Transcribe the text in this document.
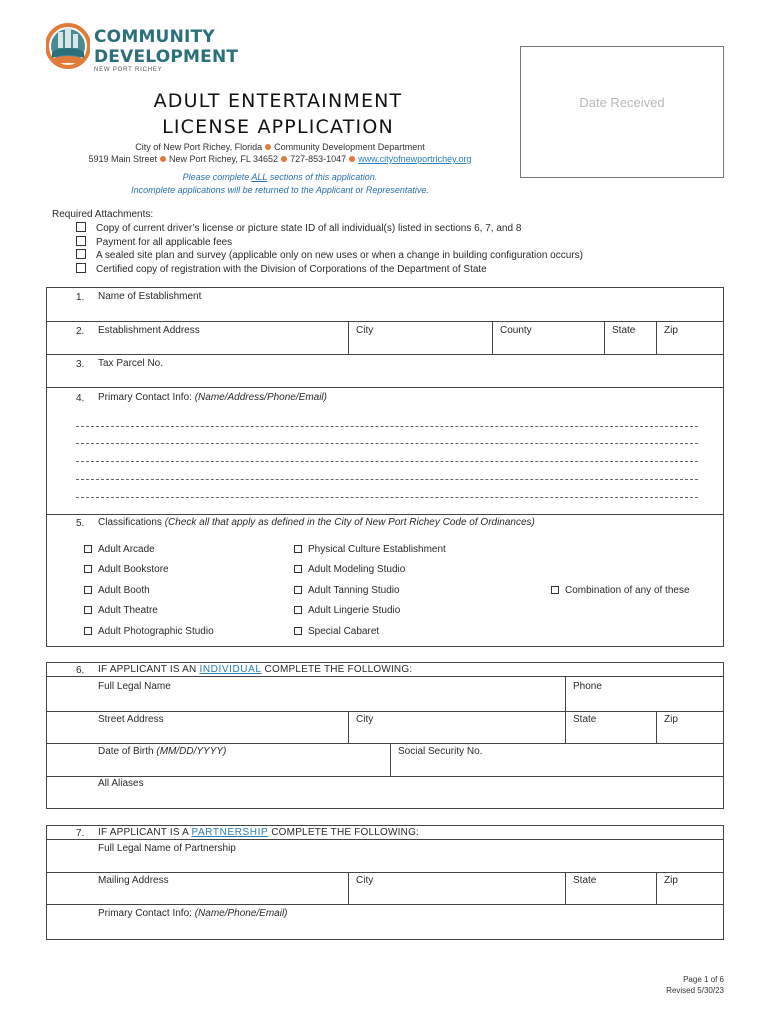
COMMUNITY
DEVELOPMENT
NEW PORT RICHEY
Date Received
ADULT ENTERTAINMENT
LICENSE APPLICATION
City of New Port Richey, Florida Community Development Department
5919 Main Street New Port Richey, FL 34652 727-853-1047 www.cityofnewportrichey.org
Please complete ALL sections of this application.
Incomplete applications will be returned to the Applicant or Representative.
Required Attachments:
Copy of current driver’s license or picture state ID of all individual(s) listed in sections 6, 7, and 8
Payment for all applicable fees
A sealed site plan and survey (applicable only on new uses or when a change in building configuration occurs)
Certified copy of registration with the Division of Corporations of the Department of State
1. Name of Establishment
2. Establishment Address	City	County	State	Zip
3. Tax Parcel No.
4. Primary Contact Info: (Name/Address/Phone/Email)
5. Classifications (Check all that apply as defined in the City of New Port Richey Code of Ordinances)
Adult Arcade
Adult Bookstore
Adult Booth
Adult Theatre
Adult Photographic Studio
Physical Culture Establishment
Adult Modeling Studio
Adult Tanning Studio
Adult Lingerie Studio
Special Cabaret
Combination of any of these
6. IF APPLICANT IS AN INDIVIDUAL COMPLETE THE FOLLOWING:
Full Legal Name	Phone
Street Address	City	State	Zip
Date of Birth (MM/DD/YYYY)	Social Security No.
All Aliases
7. IF APPLICANT IS A PARTNERSHIP COMPLETE THE FOLLOWING:
Full Legal Name of Partnership
Mailing Address	City	State	Zip
Primary Contact Info: (Name/Phone/Email)
Page 1 of 6
Revised 5/30/23
